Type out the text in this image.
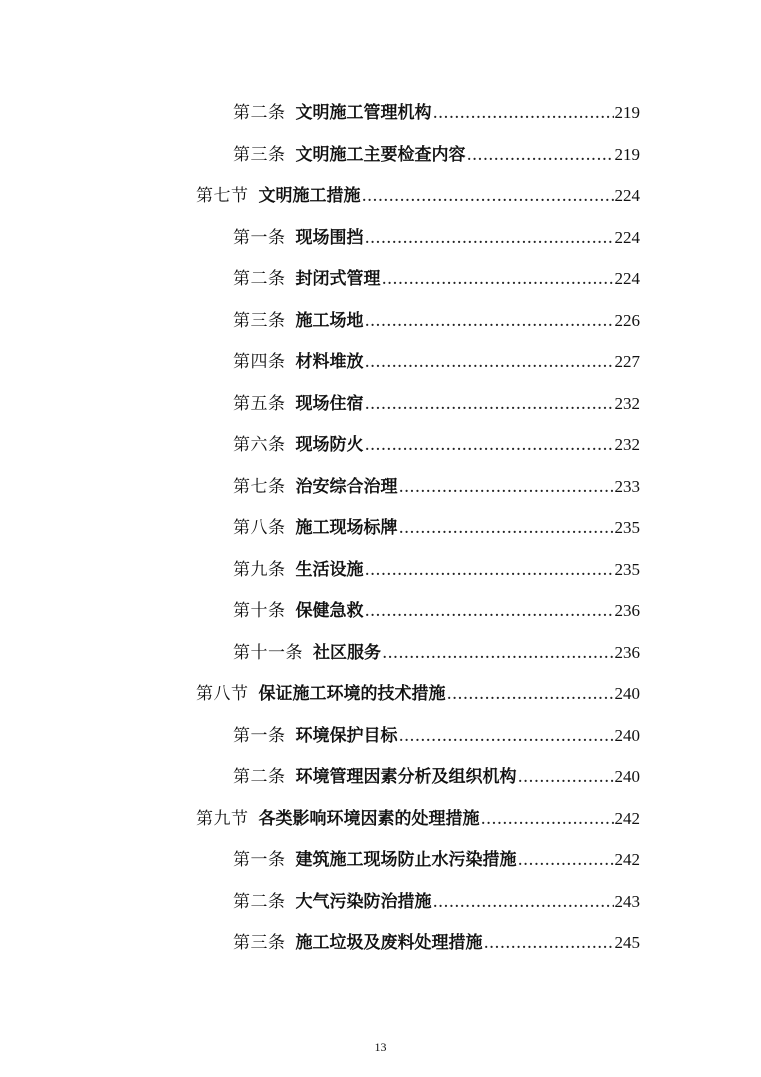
第二条 文明施工管理机构 .....	219
第三条 文明施工主要检查内容 .....	219
第七节 文明施工措施 .....	224
第一条 现场围挡 .....	224
第二条 封闭式管理 .....	224
第三条 施工场地 .....	226
第四条 材料堆放 .....	227
第五条 现场住宿 .....	232
第六条 现场防火 .....	232
第七条 治安综合治理 .....	233
第八条 施工现场标牌 .....	235
第九条 生活设施 .....	235
第十条 保健急救 .....	236
第十一条 社区服务 .....	236
第八节 保证施工环境的技术措施 .....	240
第一条 环境保护目标 .....	240
第二条 环境管理因素分析及组织机构 .....	240
第九节 各类影响环境因素的处理措施 .....	242
第一条 建筑施工现场防止水污染措施 .....	242
第二条 大气污染防治措施 .....	243
第三条 施工垃圾及废料处理措施 .....	245
13
